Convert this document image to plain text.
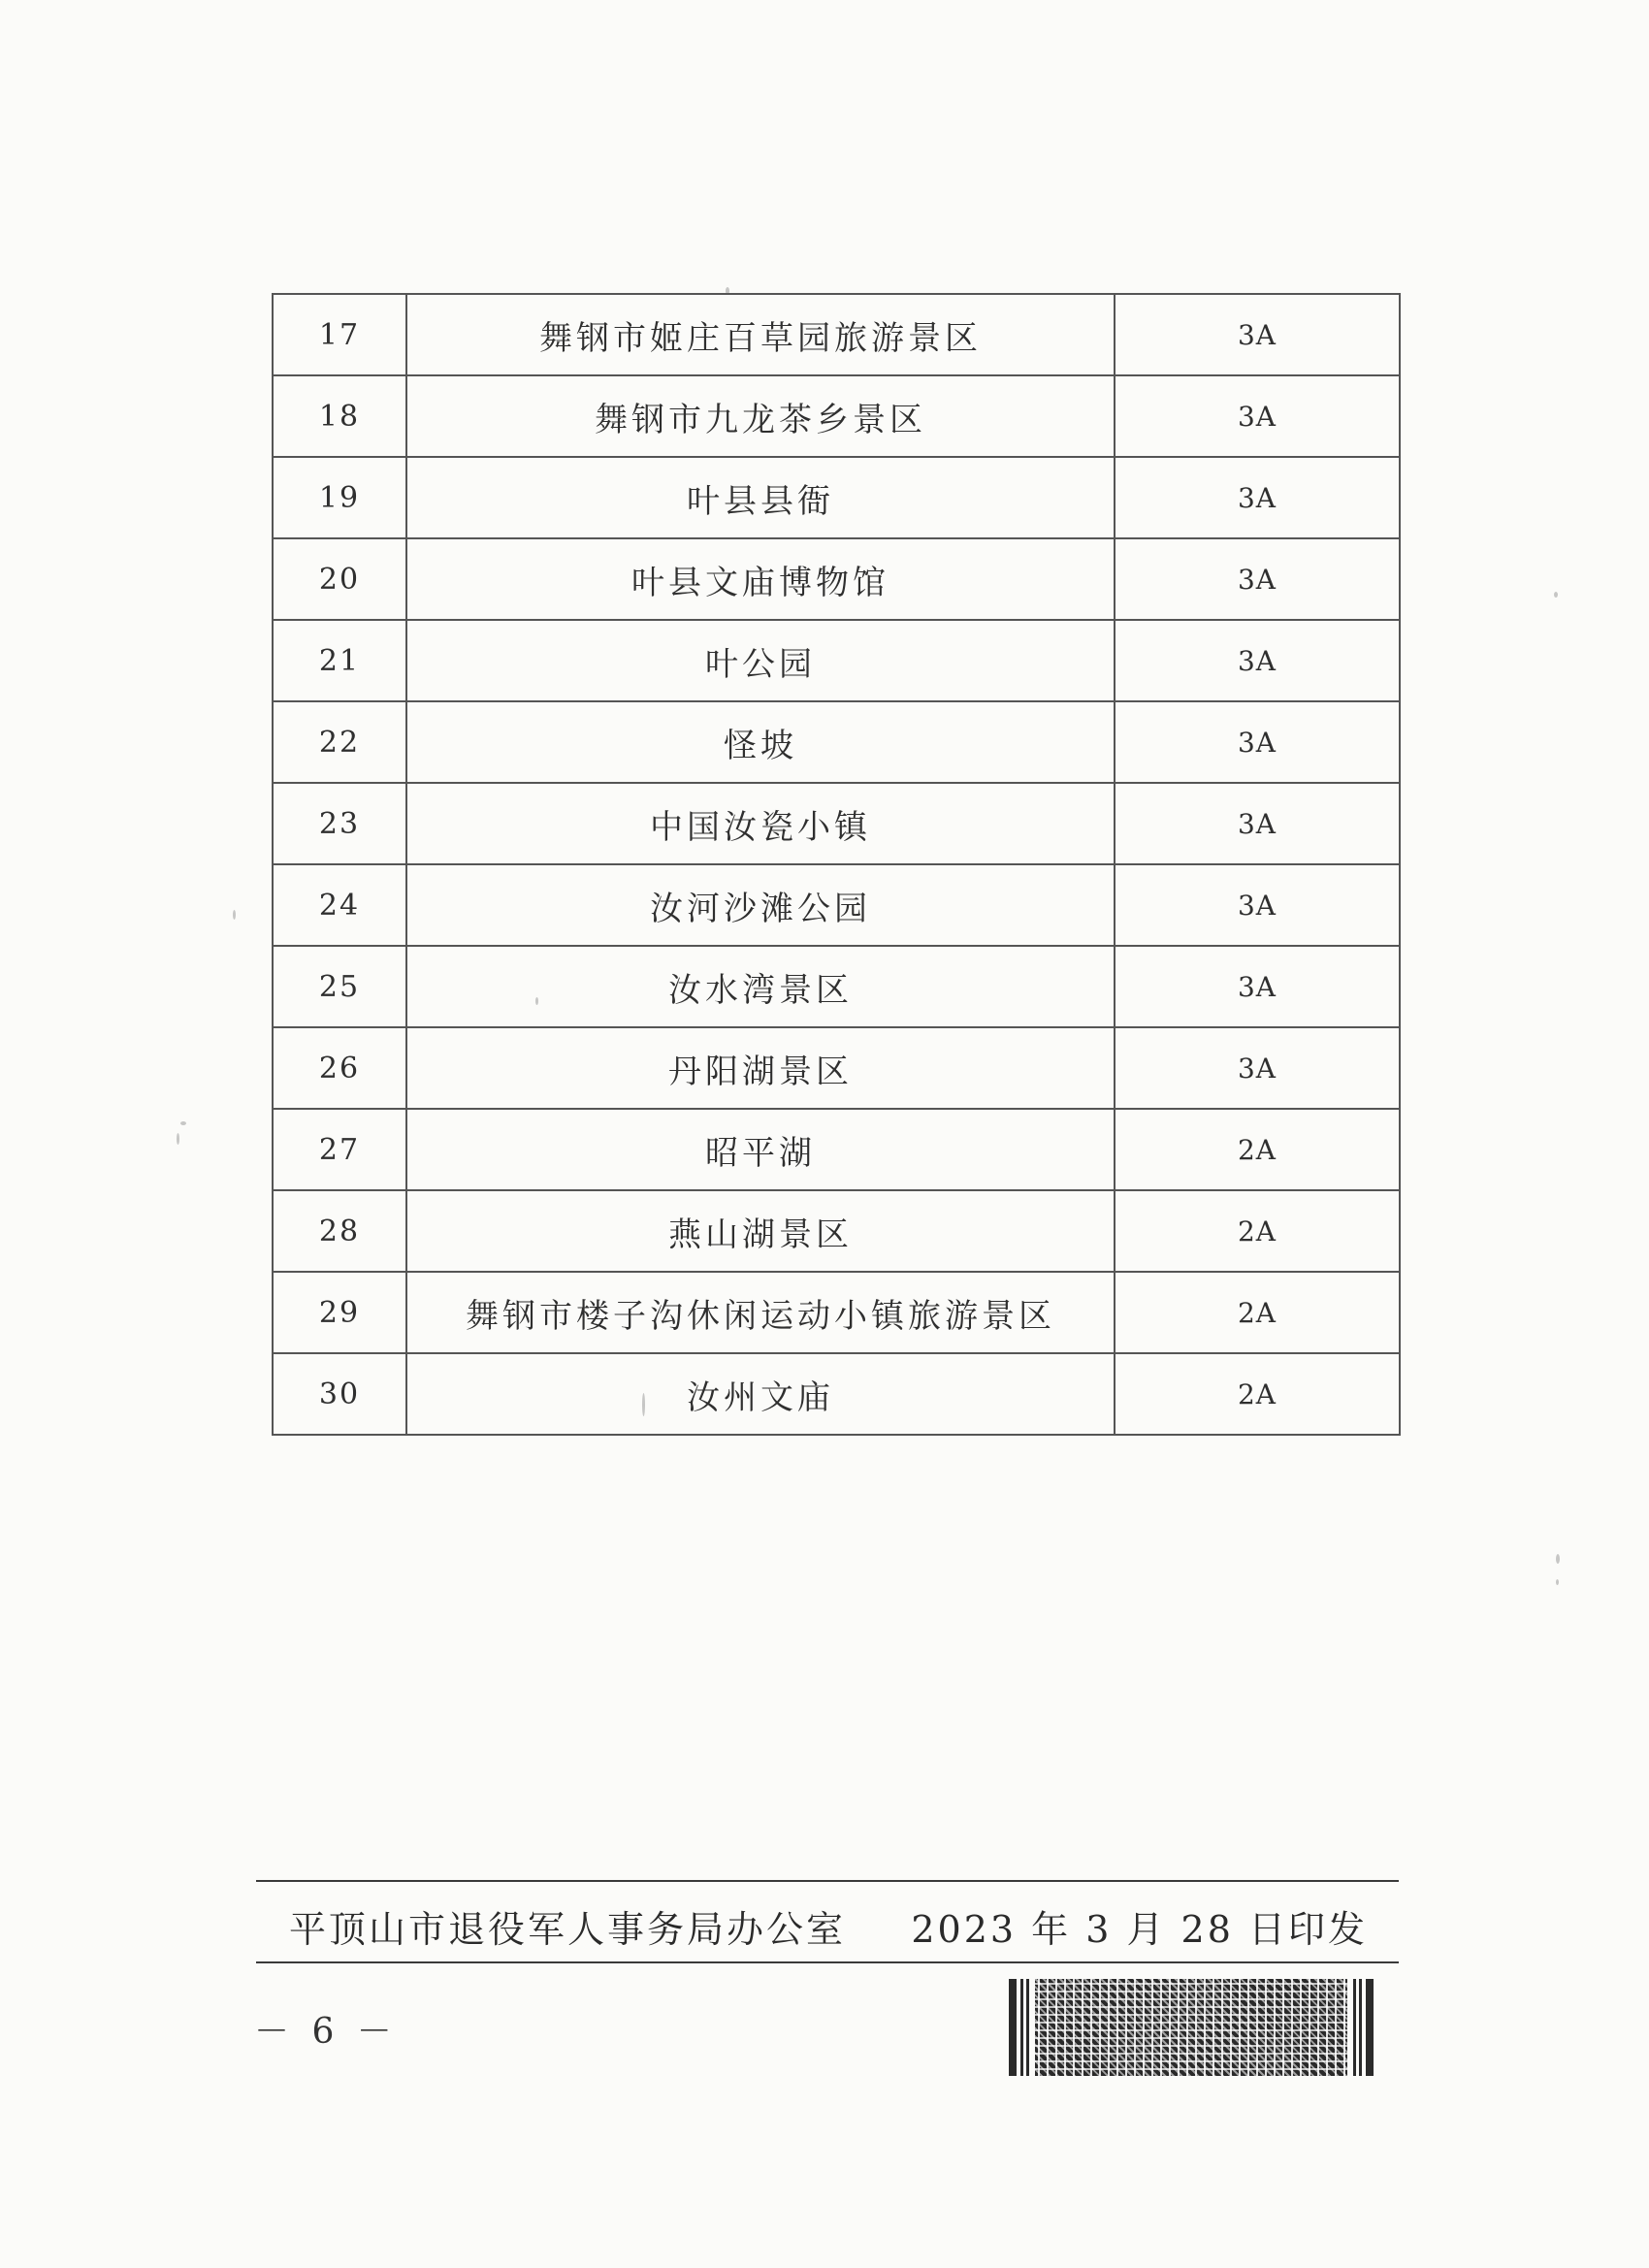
17	舞钢市姬庄百草园旅游景区	3A
18	舞钢市九龙茶乡景区	3A
19	叶县县衙	3A
20	叶县文庙博物馆	3A
21	叶公园	3A
22	怪坡	3A
23	中国汝瓷小镇	3A
24	汝河沙滩公园	3A
25	汝水湾景区	3A
26	丹阳湖景区	3A
27	昭平湖	2A
28	燕山湖景区	2A
29	舞钢市楼子沟休闲运动小镇旅游景区	2A
30	汝州文庙	2A
平顶山市退役军人事务局办公室 2023 年 3 月 28 日印发
－ 6 －
